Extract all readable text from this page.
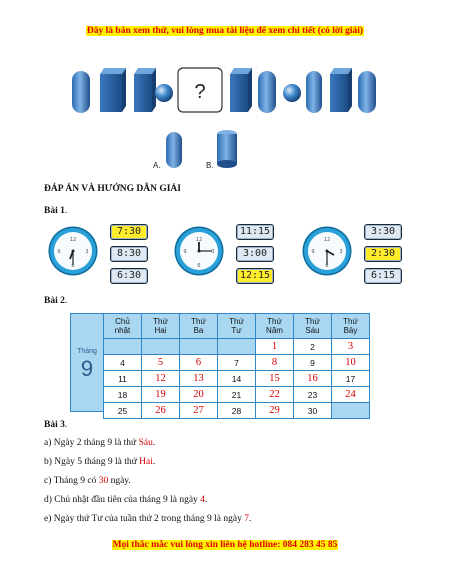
Đây là bản xem thử, vui lòng mua tài liệu để xem chi tiết (có lời giải)
?
A.	B.
ĐÁP ÁN VÀ HƯỚNG DẪN GIẢI
Bài 1.
12
3
6
9
7:30
8:30
6:30
12
3
6
9
11:15
3:00
12:15
12
3
6
9
3:30
2:30
6:15
Bài 2.
Tháng
9
Chủ
nhật	Thứ
Hai	Thứ
Ba	Thứ
Tư	Thứ
Năm	Thứ
Sáu	Thứ
Bảy
				1	2	3
4	5	6	7	8	9	10
11	12	13	14	15	16	17
18	19	20	21	22	23	24
25	26	27	28	29	30	
Bài 3.
a) Ngày 2 tháng 9 là thứ Sáu.
b) Ngày 5 tháng 9 là thứ Hai.
c) Tháng 9 có 30 ngày.
d) Chủ nhật đầu tiên của tháng 9 là ngày 4.
e) Ngày thứ Tư của tuần thứ 2 trong tháng 9 là ngày 7.
Mọi thắc mắc vui lòng xin liên hệ hotline: 084 283 45 85
